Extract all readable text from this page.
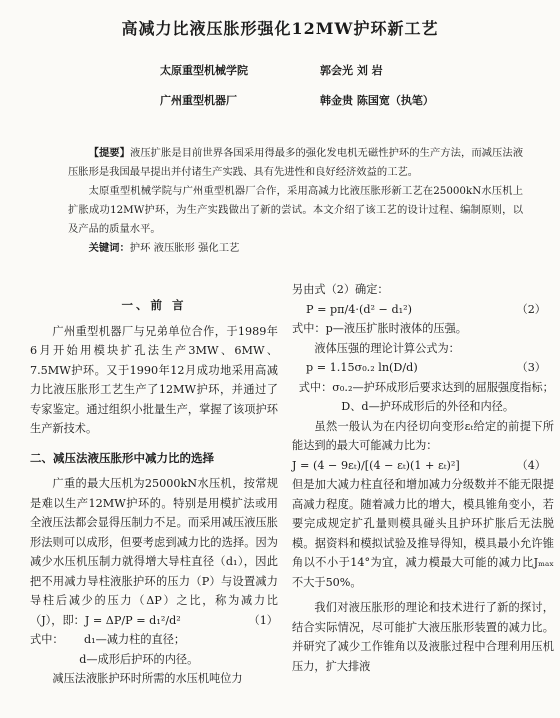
高减力比液压胀形强化12MW护环新工艺
太原重型机械学院	郭会光 刘 岩
广州重型机器厂	韩金贵 陈国宽（执笔）

【提要】液压扩胀是目前世界各国采用得最多的强化发电机无磁性护环的生产方法，而减压法液压胀形是我国最早提出并付诸生产实践、具有先进性和良好经济效益的工艺。

太原重型机械学院与广州重型机器厂合作，采用高减力比液压胀形新工艺在25000kN水压机上扩胀成功12MW护环，为生产实践做出了新的尝试。本文介绍了该工艺的设计过程、编制原则，以及产品的质量水平。

关键词：护环 液压胀形 强化工艺

一、前 言

广州重型机器厂与兄弟单位合作，于1989年6月开始用模块扩孔法生产3MW、6MW、7.5MW护环。又于1990年12月成功地采用高减力比液压胀形工艺生产了12MW护环，并通过了专家鉴定。通过组织小批量生产，掌握了该项护环生产新技术。

二、减压法液压胀形中减力比的选择

广重的最大压机为25000kN水压机，按常规是难以生产12MW护环的。特别是用模扩法或用全液压法都会显得压制力不足。而采用减压液压胀形法则可以成形，但要考虑到减力比的选择。因为减少水压机压制力就得增大导柱直径（d₁），因此把不用减力导柱液胀护环的压力（P）与设置减力导柱后减少的压力（ΔP）之比，称为减力比（J），即：J = ΔP/P = d₁²/d²	（1）

式中： d₁—减力柱的直径；

d—成形后护环的内径。

减压法液胀护环时所需的水压机吨位力

另由式（2）确定：

P = pπ/4·(d² − d₁²)	（2）

式中：p—液压扩胀时液体的压强。

液体压强的理论计算公式为：

p = 1.15σ₀.₂ ln(D/d)	（3）

式中：σ₀.₂—护环成形后要求达到的屈服强度指标；

D、d—护环成形后的外径和内径。

虽然一般认为在内径切向变形εₜ给定的前提下所能达到的最大可能减力比为：

J = (4 − 9εₜ)/[(4 − εₜ)(1 + εₜ)²]	（4）

但是加大减力柱直径和增加减力分级数并不能无限提高减力程度。随着减力比的增大，模具锥角变小，若要完成规定扩孔量则模具碰头且护环扩胀后无法脱模。据资料和模拟试验及推导得知，模具最小允许锥角以不小于14°为宜，减力模最大可能的减力比Jₘₐₓ不大于50%。

我们对液压胀形的理论和技术进行了新的探讨，结合实际情况，尽可能扩大液压胀形装置的减力比。并研究了减少工作锥角以及液胀过程中合理利用压机压力，扩大排液
